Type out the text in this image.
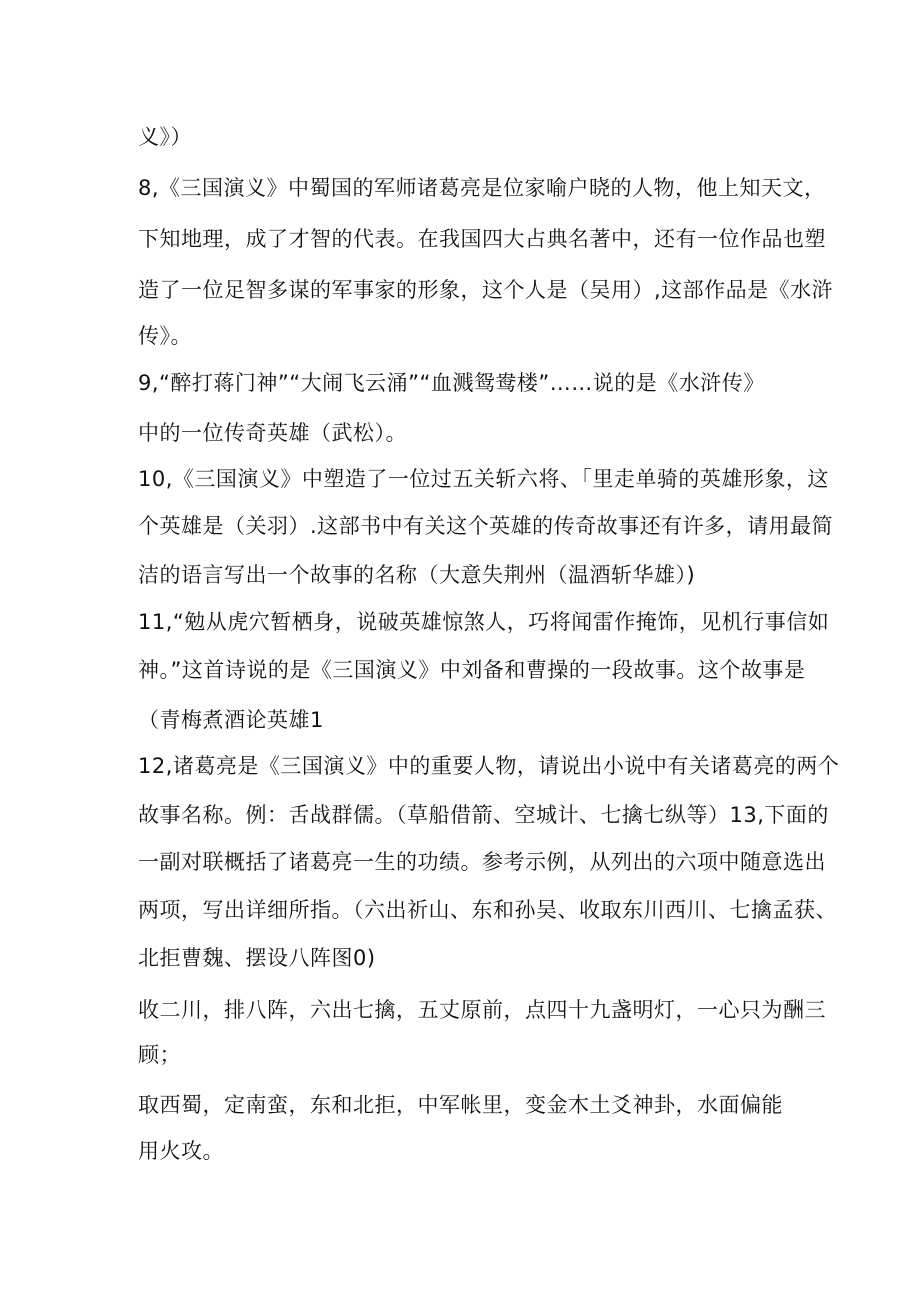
义》）
8,《三国演义》中蜀国的军师诸葛亮是位家喻户晓的人物，他上知天文，
下知地理，成了才智的代表。在我国四大占典名著中，还有一位作品也塑
造了一位足智多谋的军事家的形象，这个人是（吴用）,这部作品是《水浒
传》。
9,“醉打蒋门神”“大闹飞云涌”“血溅鸳鸯楼”……说的是《水浒传》
中的一位传奇英雄（武松）。
10,《三国演义》中塑造了一位过五关斩六将、「里走单骑的英雄形象，这
个英雄是（关羽）.这部书中有关这个英雄的传奇故事还有许多，请用最简
洁的语言写出一个故事的名称（大意失荆州（温酒斩华雄）)
11,“勉从虎穴暂栖身，说破英雄惊煞人，巧将闻雷作掩饰，见机行事信如
神。”这首诗说的是《三国演义》中刘备和曹操的一段故事。这个故事是
（青梅煮酒论英雄1
12,诸葛亮是《三国演义》中的重要人物，请说出小说中有关诸葛亮的两个
故事名称。例：舌战群儒。（草船借箭、空城计、七擒七纵等）13,下面的
一副对联概括了诸葛亮一生的功绩。参考示例，从列出的六项中随意选出
两项，写出详细所指。（六出祈山、东和孙吴、收取东川西川、七擒孟获、
北拒曹魏、摆设八阵图0)
收二川，排八阵，六出七擒，五丈原前，点四十九盏明灯，一心只为酬三
顾；
取西蜀，定南蛮，东和北拒，中军帐里，变金木土爻神卦，水面偏能
用火攻。
